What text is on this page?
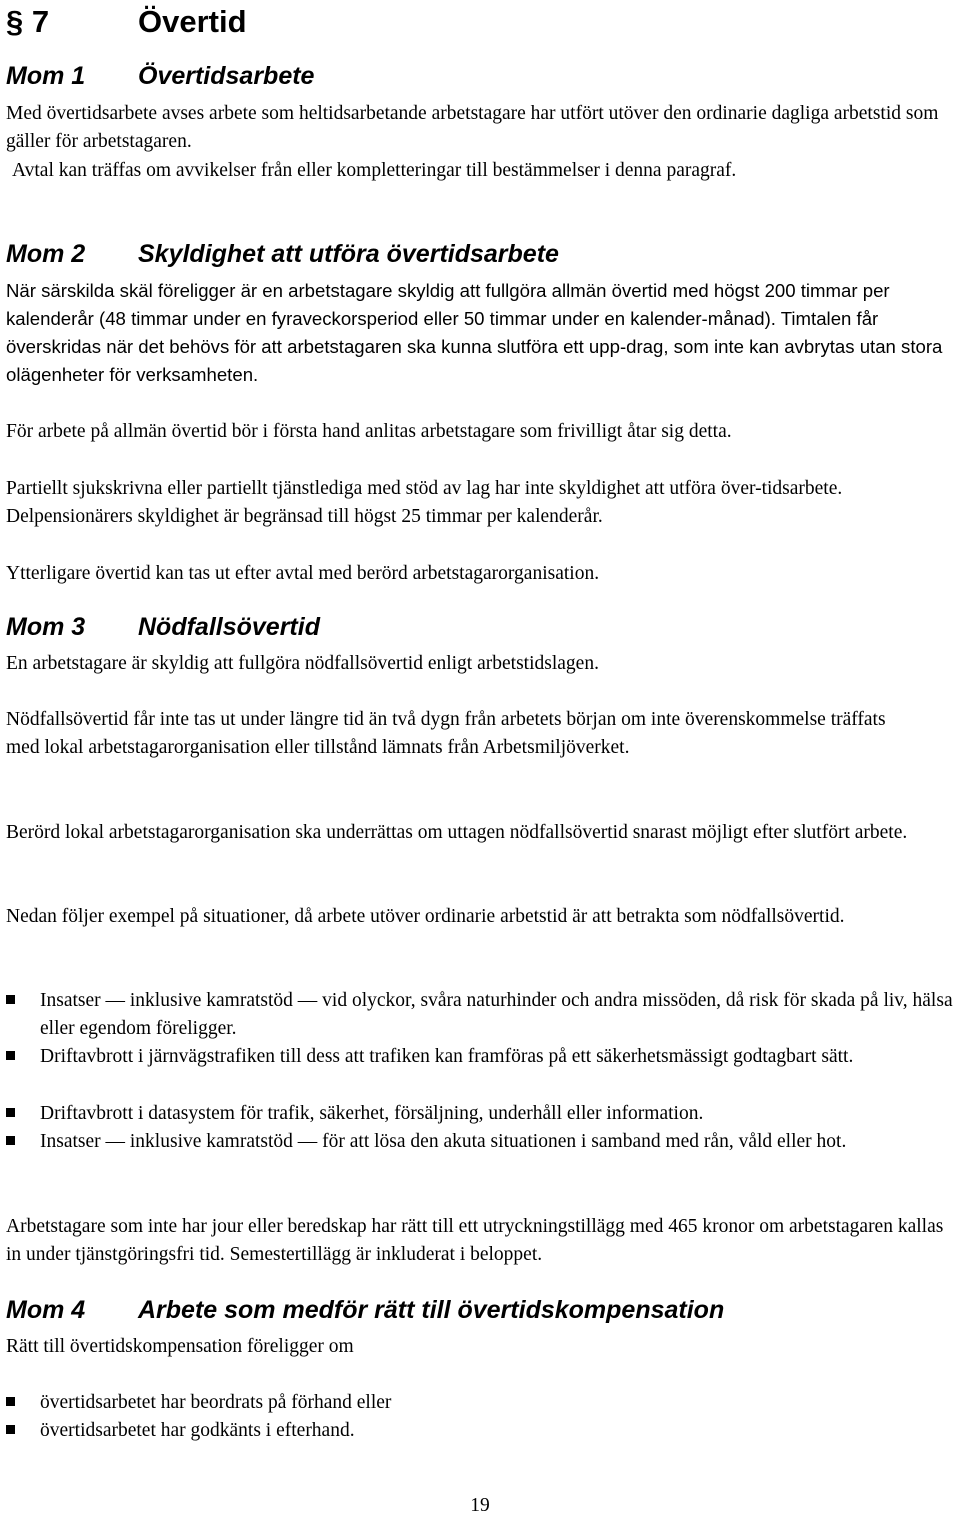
§ 7	Övertid
Mom 1	Övertidsarbete

Med övertidsarbete avses arbete som heltidsarbetande arbetstagare har utfört utöver den ordinarie dagliga arbetstid som gäller för arbetstagaren.

Avtal kan träffas om avvikelser från eller kompletteringar till bestämmelser i denna paragraf.

Mom 2	Skyldighet att utföra övertidsarbete

När särskilda skäl föreligger är en arbetstagare skyldig att fullgöra allmän övertid med högst 200 timmar per kalenderår (48 timmar under en fyraveckorsperiod eller 50 timmar under en kalender-månad). Timtalen får överskridas när det behövs för att arbetstagaren ska kunna slutföra ett upp-drag, som inte kan avbrytas utan stora olägenheter för verksamheten.

För arbete på allmän övertid bör i första hand anlitas arbetstagare som frivilligt åtar sig detta.

Partiellt sjukskrivna eller partiellt tjänstlediga med stöd av lag har inte skyldighet att utföra över-tidsarbete. Delpensionärers skyldighet är begränsad till högst 25 timmar per kalenderår.

Ytterligare övertid kan tas ut efter avtal med berörd arbetstagarorganisation.

Mom 3	Nödfallsövertid

En arbetstagare är skyldig att fullgöra nödfallsövertid enligt arbetstidslagen.

Nödfallsövertid får inte tas ut under längre tid än två dygn från arbetets början om inte överenskommelse träffats med lokal arbetstagarorganisation eller tillstånd lämnats från Arbetsmiljöverket.

Berörd lokal arbetstagarorganisation ska underrättas om uttagen nödfallsövertid snarast möjligt efter slutfört arbete.

Nedan följer exempel på situationer, då arbete utöver ordinarie arbetstid är att betrakta som nödfallsövertid.

Insatser — inklusive kamratstöd — vid olyckor, svåra naturhinder och andra missöden, då risk för skada på liv, hälsa eller egendom föreligger.
Driftavbrott i järnvägstrafiken till dess att trafiken kan framföras på ett säkerhetsmässigt godtagbart sätt.
Driftavbrott i datasystem för trafik, säkerhet, försäljning, underhåll eller information.
Insatser — inklusive kamratstöd — för att lösa den akuta situationen i samband med rån, våld eller hot.

Arbetstagare som inte har jour eller beredskap har rätt till ett utryckningstillägg med 465 kronor om arbetstagaren kallas in under tjänstgöringsfri tid. Semestertillägg är inkluderat i beloppet.

Mom 4	Arbete som medför rätt till övertidskompensation

Rätt till övertidskompensation föreligger om

övertidsarbetet har beordrats på förhand eller
övertidsarbetet har godkänts i efterhand.
19
